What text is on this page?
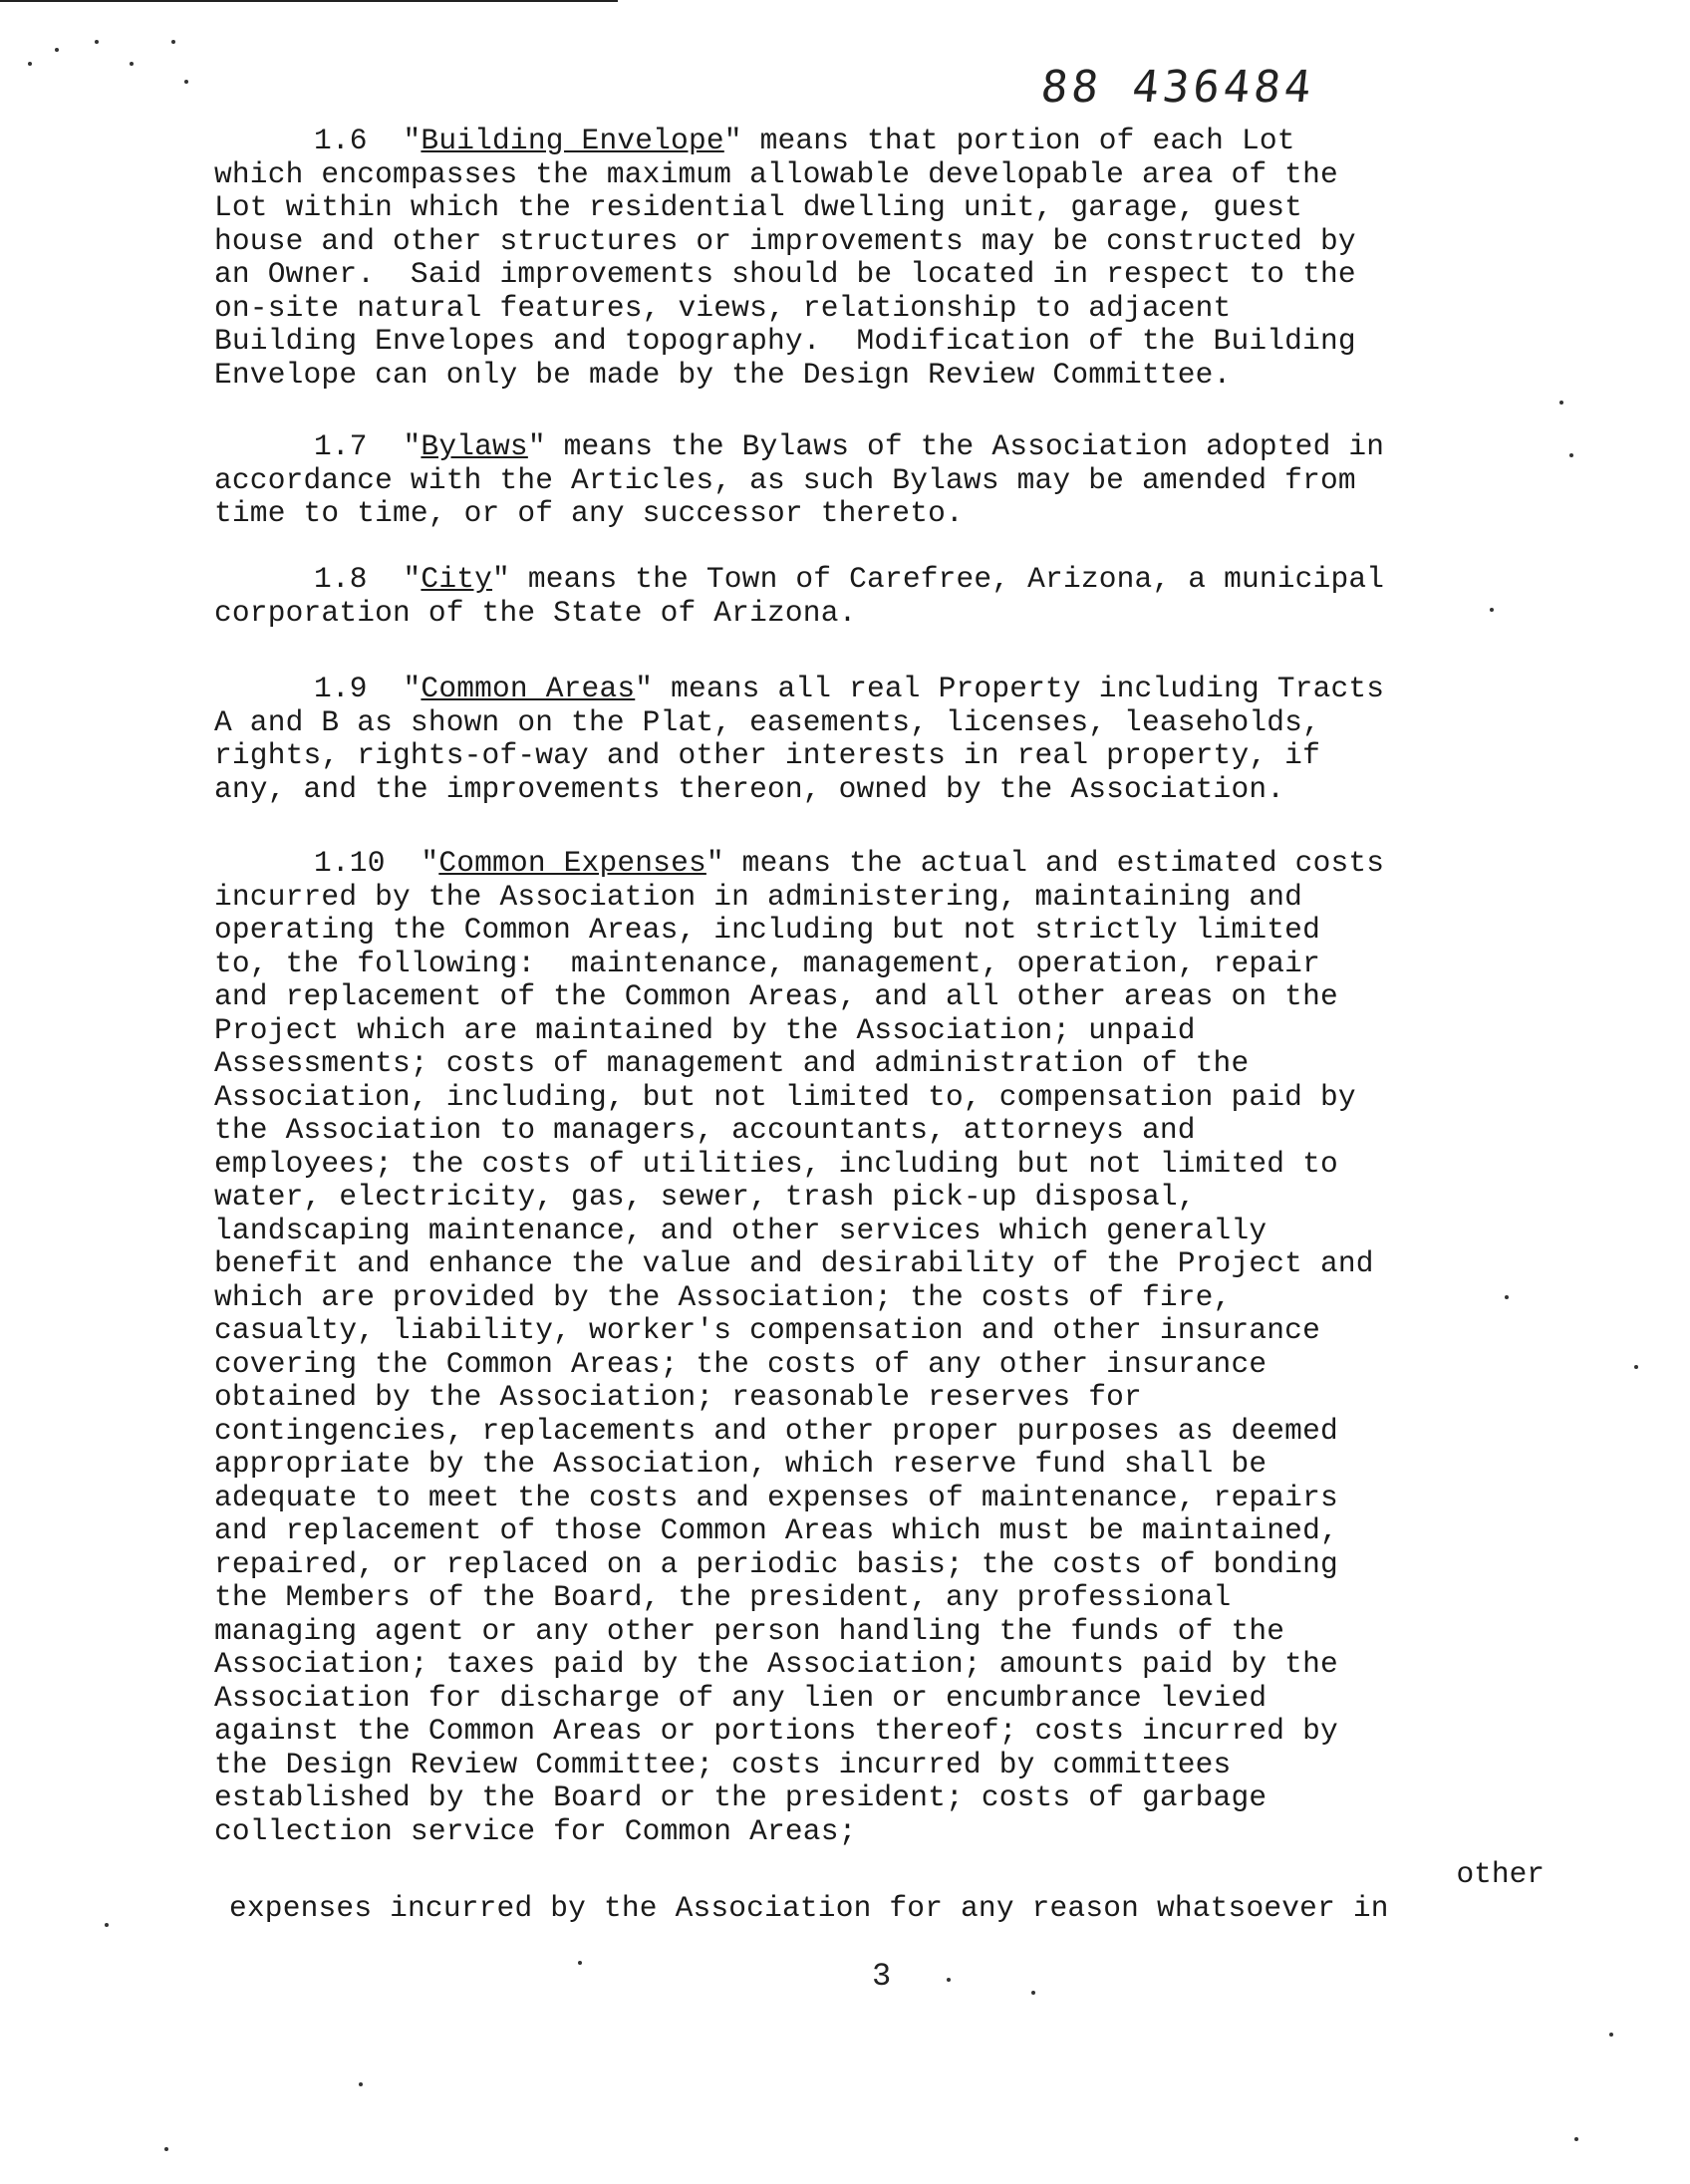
88 436484
1.6  "Building Envelope" means that portion of each Lot
which encompasses the maximum allowable developable area of the
Lot within which the residential dwelling unit, garage, guest
house and other structures or improvements may be constructed by
an Owner.  Said improvements should be located in respect to the
on-site natural features, views, relationship to adjacent
Building Envelopes and topography.  Modification of the Building
Envelope can only be made by the Design Review Committee.
1.7  "Bylaws" means the Bylaws of the Association adopted in
accordance with the Articles, as such Bylaws may be amended from
time to time, or of any successor thereto.
1.8  "City" means the Town of Carefree, Arizona, a municipal
corporation of the State of Arizona.
1.9  "Common Areas" means all real Property including Tracts
A and B as shown on the Plat, easements, licenses, leaseholds,
rights, rights-of-way and other interests in real property, if
any, and the improvements thereon, owned by the Association.
1.10  "Common Expenses" means the actual and estimated costs
incurred by the Association in administering, maintaining and
operating the Common Areas, including but not strictly limited
to, the following:  maintenance, management, operation, repair
and replacement of the Common Areas, and all other areas on the
Project which are maintained by the Association; unpaid
Assessments; costs of management and administration of the
Association, including, but not limited to, compensation paid by
the Association to managers, accountants, attorneys and
employees; the costs of utilities, including but not limited to
water, electricity, gas, sewer, trash pick-up disposal,
landscaping maintenance, and other services which generally
benefit and enhance the value and desirability of the Project and
which are provided by the Association; the costs of fire,
casualty, liability, worker's compensation and other insurance
covering the Common Areas; the costs of any other insurance
obtained by the Association; reasonable reserves for
contingencies, replacements and other proper purposes as deemed
appropriate by the Association, which reserve fund shall be
adequate to meet the costs and expenses of maintenance, repairs
and replacement of those Common Areas which must be maintained,
repaired, or replaced on a periodic basis; the costs of bonding
the Members of the Board, the president, any professional
managing agent or any other person handling the funds of the
Association; taxes paid by the Association; amounts paid by the
Association for discharge of any lien or encumbrance levied
against the Common Areas or portions thereof; costs incurred by
the Design Review Committee; costs incurred by committees
established by the Board or the president; costs of garbage
collection service for Common Areas;
other
expenses incurred by the Association for any reason whatsoever in
3
